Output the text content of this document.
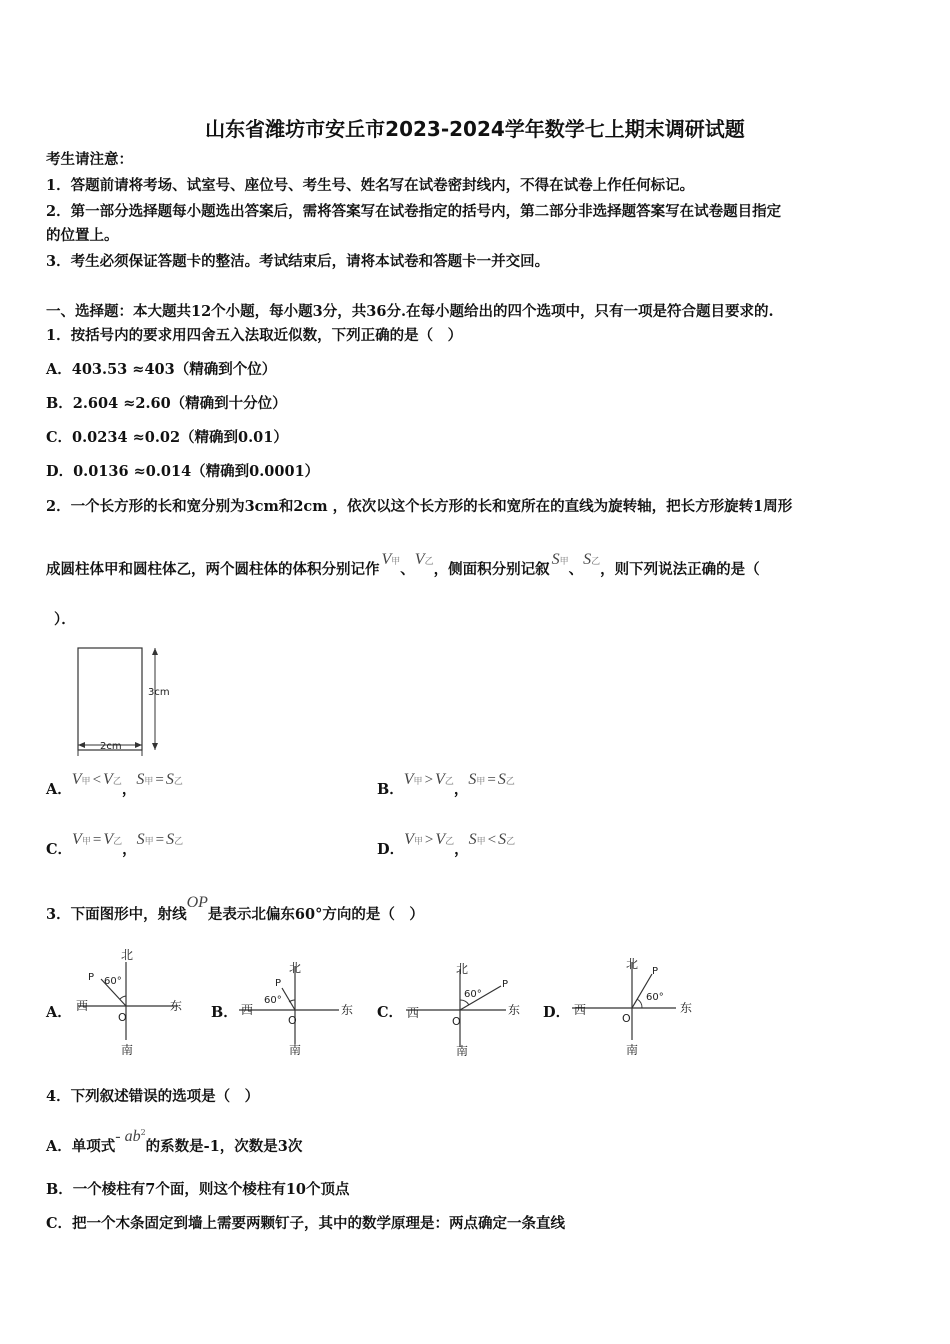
山东省潍坊市安丘市2023-2024学年数学七上期末调研试题
考生请注意：
1．答题前请将考场、试室号、座位号、考生号、姓名写在试卷密封线内，不得在试卷上作任何标记。
2．第一部分选择题每小题选出答案后，需将答案写在试卷指定的括号内，第二部分非选择题答案写在试卷题目指定
的位置上。
3．考生必须保证答题卡的整洁。考试结束后，请将本试卷和答题卡一并交回。
一、选择题：本大题共12个小题，每小题3分，共36分.在每小题给出的四个选项中，只有一项是符合题目要求的.
1．按括号内的要求用四舍五入法取近似数，下列正确的是（　）
A．403.53 ≈403（精确到个位）
B．2.604 ≈2.60（精确到十分位）
C．0.0234 ≈0.02（精确到0.01）
D．0.0136 ≈0.014（精确到0.0001）
2．一个长方形的长和宽分别为3cm和2cm ，依次以这个长方形的长和宽所在的直线为旋转轴，把长方形旋转1周形
成圆柱体甲和圆柱体乙，两个圆柱体的体积分别记作V甲、V乙，侧面积分别记叙S甲、S乙，则下列说法正确的是（
）．
3cm
2cm
A．V甲 < V乙，S甲 = S乙	B．V甲 > V乙，S甲 = S乙
C．V甲 = V乙，S甲 = S乙	D．V甲 > V乙，S甲 < S乙
3．下面图形中，射线OP是表示北偏东60°方向的是（　）
A．	B．	C．	D．
北
南
西	东
O
P 60°
北
南
西	东
O
P
60°
北
南
西	东
O
P
60°
北
南
西	东
O
P
60°
4．下列叙述错误的选项是（　）
A．单项式- $ab^2$的系数是-1，次数是3次
B．一个棱柱有7个面，则这个棱柱有10个顶点
C．把一个木条固定到墙上需要两颗钉子，其中的数学原理是：两点确定一条直线
